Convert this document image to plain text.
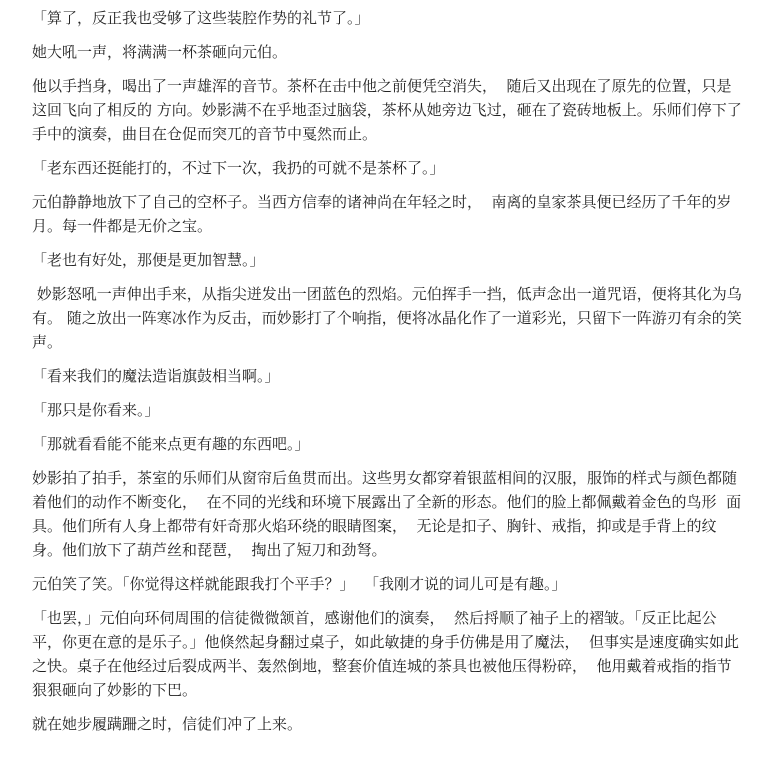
「算了，反正我也受够了这些装腔作势的礼节了。」

她大吼一声，将满满一杯茶砸向元伯。

他以手挡身，喝出了一声雄浑的音节。茶杯在击中他之前便凭空消失，  随后又出现在了原先的位置，只是这回飞向了相反的 方向。妙影满不在乎地歪过脑袋，茶杯从她旁边飞过，砸在了瓷砖地板上。乐师们停下了手中的演奏，曲目在仓促而突兀的音节中戛然而止。

「老东西还挺能打的，不过下一次，我扔的可就不是茶杯了。」

元伯静静地放下了自己的空杯子。当西方信奉的诸神尚在年轻之时，  南离的皇家茶具便已经历了千年的岁月。每一件都是无价之宝。

「老也有好处，那便是更加智慧。」

妙影怒吼一声伸出手来，从指尖迸发出一团蓝色的烈焰。元伯挥手一挡，低声念出一道咒语，便将其化为乌有。 随之放出一阵寒冰作为反击，而妙影打了个响指，便将冰晶化作了一道彩光，只留下一阵游刃有余的笑声。

「看来我们的魔法造诣旗鼓相当啊。」

「那只是你看来。」

「那就看看能不能来点更有趣的东西吧。」

妙影拍了拍手，茶室的乐师们从窗帘后鱼贯而出。这些男女都穿着银蓝相间的汉服，服饰的样式与颜色都随着他们的动作不断变化，  在不同的光线和环境下展露出了全新的形态。他们的脸上都佩戴着金色的鸟形  面具。他们所有人身上都带有奸奇那火焰环绕的眼睛图案，  无论是扣子、胸针、戒指，抑或是手背上的纹身。他们放下了葫芦丝和琵琶，  掏出了短刀和劲弩。

元伯笑了笑。「你觉得这样就能跟我打个平手？」  「我刚才说的词儿可是有趣。」

「也罢，」元伯向环伺周围的信徒微微颔首，感谢他们的演奏，  然后捋顺了袖子上的褶皱。「反正比起公平，你更在意的是乐子。」他倏然起身翻过桌子，如此敏捷的身手仿佛是用了魔法，  但事实是速度确实如此之快。桌子在他经过后裂成两半、轰然倒地，整套价值连城的茶具也被他压得粉碎，  他用戴着戒指的指节狠狠砸向了妙影的下巴。

就在她步履蹒跚之时，信徒们冲了上来。
